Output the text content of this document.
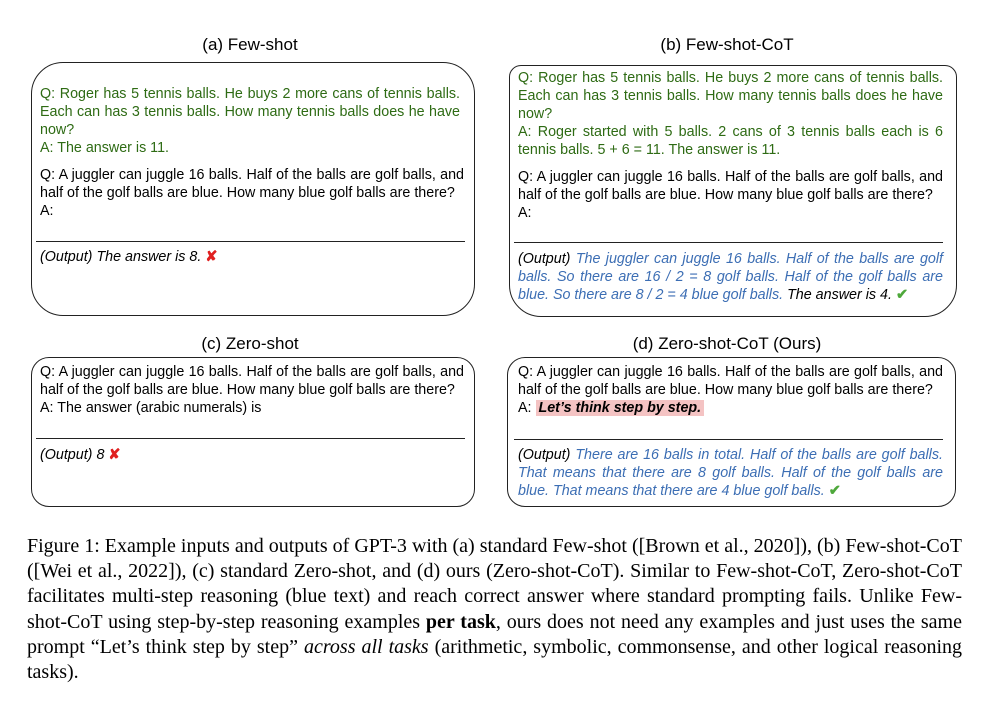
(a) Few-shot

Q: Roger has 5 tennis balls. He buys 2 more cans of tennis balls. Each can has 3 tennis balls. How many tennis balls does he have now?

A: The answer is 11.

Q: A juggler can juggle 16 balls. Half of the balls are golf balls, and half of the golf balls are blue. How many blue golf balls are there?

A:

(Output) The answer is 8. ✘
(b) Few-shot-CoT

Q: Roger has 5 tennis balls. He buys 2 more cans of tennis balls. Each can has 3 tennis balls. How many tennis balls does he have now?

A: Roger started with 5 balls. 2 cans of 3 tennis balls each is 6 tennis balls. 5 + 6 = 11. The answer is 11.

Q: A juggler can juggle 16 balls. Half of the balls are golf balls, and half of the golf balls are blue. How many blue golf balls are there?

A:

(Output) The juggler can juggle 16 balls. Half of the balls are golf balls. So there are 16 / 2 = 8 golf balls. Half of the golf balls are blue. So there are 8 / 2 = 4 blue golf balls. The answer is 4. ✔
(c) Zero-shot

Q: A juggler can juggle 16 balls. Half of the balls are golf balls, and half of the golf balls are blue. How many blue golf balls are there?

A: The answer (arabic numerals) is

(Output) 8 ✘
(d) Zero-shot-CoT (Ours)

Q: A juggler can juggle 16 balls. Half of the balls are golf balls, and half of the golf balls are blue. How many blue golf balls are there?

A: Let’s think step by step.

(Output) There are 16 balls in total. Half of the balls are golf balls. That means that there are 8 golf balls. Half of the golf balls are blue. That means that there are 4 blue golf balls. ✔
Figure 1: Example inputs and outputs of GPT-3 with (a) standard Few-shot ([Brown et al., 2020]), (b) Few-shot-CoT ([Wei et al., 2022]), (c) standard Zero-shot, and (d) ours (Zero-shot-CoT). Similar to Few-shot-CoT, Zero-shot-CoT facilitates multi-step reasoning (blue text) and reach correct answer where standard prompting fails. Unlike Few-shot-CoT using step-by-step reasoning examples per task, ours does not need any examples and just uses the same prompt “Let’s think step by step” across all tasks (arithmetic, symbolic, commonsense, and other logical reasoning tasks).
